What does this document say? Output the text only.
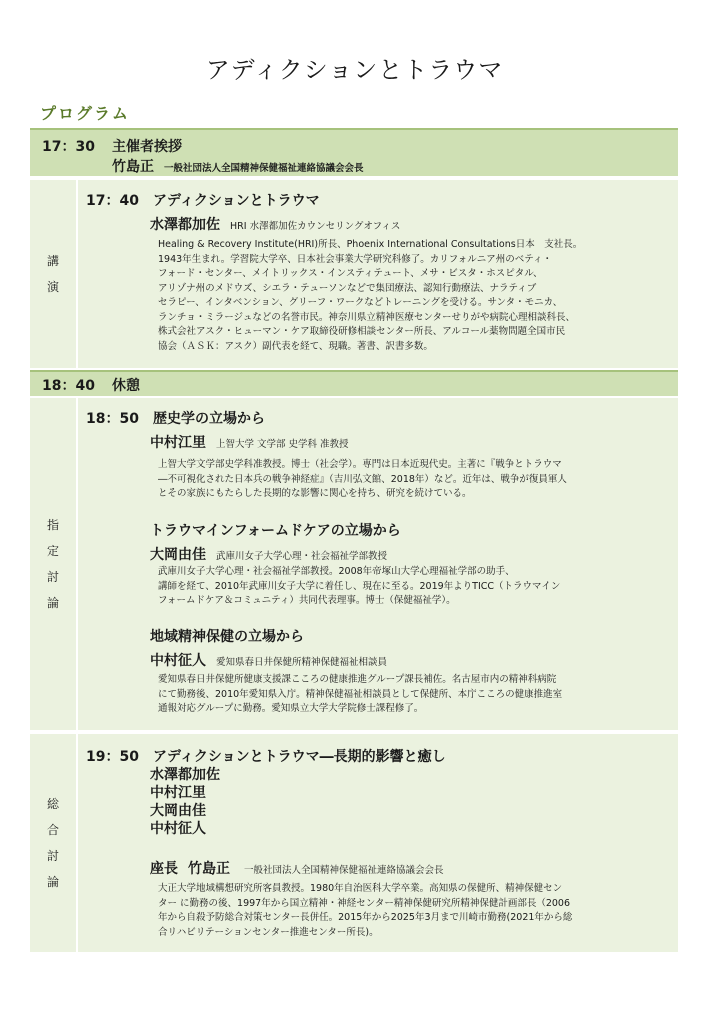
アディクションとトラウマ
プログラム
17：30 主催者挨拶
竹島正 一般社団法人全国精神保健福祉連絡協議会会長
講
演
17：40　アディクションとトラウマ
水澤都加佐 HRI 水澤都加佐カウンセリングオフィス

Healing & Recovery Institute(HRI)所長、Phoenix International Consultations日本　支社長。
1943年生まれ。学習院大学卒、日本社会事業大学研究科修了。カリフォルニア州のベティ・
フォード・センター、メイトリックス・インスティテュート、メサ・ビスタ・ホスピタル、
アリゾナ州のメドウズ、シエラ・テューソンなどで集団療法、認知行動療法、ナラティブ
セラピー、インタベンション、グリーフ・ワークなどトレーニングを受ける。サンタ・モニカ、
ランチョ・ミラージュなどの名誉市民。神奈川県立精神医療センターせりがや病院心理相談科長、
株式会社アスク・ヒューマン・ケア取締役研修相談センター所長、アルコール薬物問題全国市民
協会（ＡＳＫ：アスク）副代表を経て、現職。著書、訳書多数。

18：40 休憩
指
定
討
論
18：50　歴史学の立場から
中村江里 上智大学 文学部 史学科 准教授

上智大学文学部史学科准教授。博士（社会学）。専門は日本近現代史。主著に『戦争とトラウマ
―不可視化された日本兵の戦争神経症』（吉川弘文館、2018年）など。近年は、戦争が復員軍人
とその家族にもたらした長期的な影響に関心を持ち、研究を続けている。

トラウマインフォームドケアの立場から
大岡由佳 武庫川女子大学心理・社会福祉学部教授

武庫川女子大学心理・社会福祉学部教授。2008年帝塚山大学心理福祉学部の助手、
講師を経て、2010年武庫川女子大学に着任し、現在に至る。2019年よりTICC（トラウマイン
フォームドケア＆コミュニティ）共同代表理事。博士（保健福祉学）。

地域精神保健の立場から
中村征人 愛知県春日井保健所精神保健福祉相談員

愛知県春日井保健所健康支援課こころの健康推進グループ課長補佐。名古屋市内の精神科病院
にて勤務後、2010年愛知県入庁。精神保健福祉相談員として保健所、本庁こころの健康推進室
通報対応グループに勤務。愛知県立大学大学院修士課程修了。

総
合
討
論
19：50　アディクションとトラウマ―長期的影響と癒し
水澤都加佐
中村江里
大岡由佳
中村征人
座長 竹島正 一般社団法人全国精神保健福祉連絡協議会会長

大正大学地域構想研究所客員教授。1980年自治医科大学卒業。高知県の保健所、精神保健セン
ター に勤務の後、1997年から国立精神・神経センター精神保健研究所精神保健計画部長（2006
年から自殺予防総合対策センター長併任。2015年から2025年3月まで川崎市勤務(2021年から総
合リハビリテーションセンター推進センター所長)。
